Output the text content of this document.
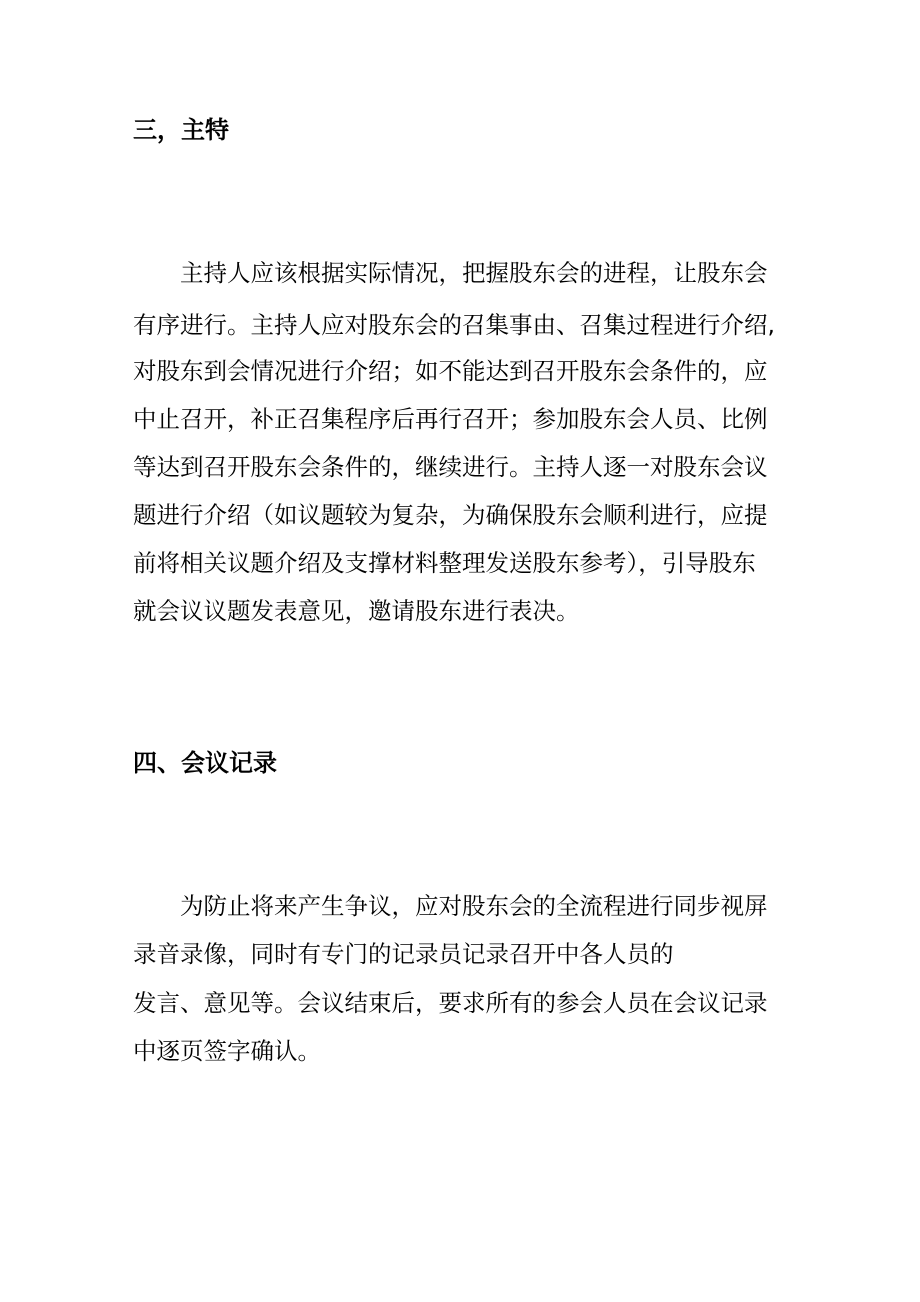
三，主特
主持人应该根据实际情况，把握股东会的进程，让股东会
有序进行。主持人应对股东会的召集事由、召集过程进行介绍,
对股东到会情况进行介绍；如不能达到召开股东会条件的，应
中止召开，补正召集程序后再行召开；参加股东会人员、比例
等达到召开股东会条件的，继续进行。主持人逐一对股东会议
题进行介绍（如议题较为复杂，为确保股东会顺利进行，应提
前将相关议题介绍及支撑材料整理发送股东参考），引导股东
就会议议题发表意见，邀请股东进行表决。
四、会议记录
为防止将来产生争议，应对股东会的全流程进行同步视屏
录音录像，同时有专门的记录员记录召开中各人员的
发言、意见等。会议结束后，要求所有的参会人员在会议记录
中逐页签字确认。
